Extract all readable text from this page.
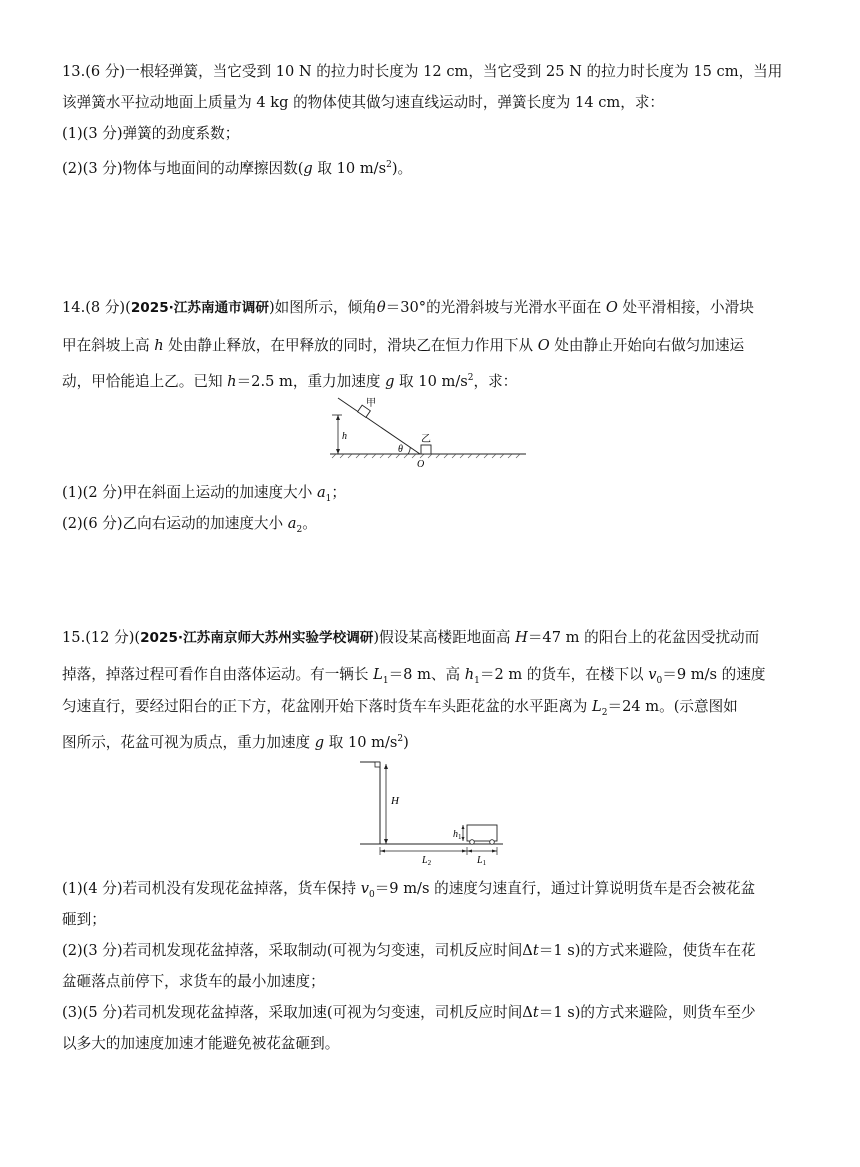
13.(6 分)一根轻弹簧，当它受到 10 N 的拉力时长度为 12 cm，当它受到 25 N 的拉力时长度为 15 cm，当用
该弹簧水平拉动地面上质量为 4 kg 的物体使其做匀速直线运动时，弹簧长度为 14 cm，求：
(1)(3 分)弹簧的劲度系数；
(2)(3 分)物体与地面间的动摩擦因数(g 取 10 $m/s^2$)。
14.(8 分)(2025·江苏南通市调研)如图所示，倾角θ＝30°的光滑斜坡与光滑水平面在 O 处平滑相接，小滑块
甲在斜坡上高 h 处由静止释放，在甲释放的同时，滑块乙在恒力作用下从 O 处由静止开始向右做匀加速运
动，甲恰能追上乙。已知 h＝2.5 m，重力加速度 g 取 10 $m/s^2$，求：
甲
h
θ
乙
O
(1)(2 分)甲在斜面上运动的加速度大小 $a_1$；
(2)(6 分)乙向右运动的加速度大小 $a_2$。
15.(12 分)(2025·江苏南京师大苏州实验学校调研)假设某高楼距地面高 H＝47 m 的阳台上的花盆因受扰动而
掉落，掉落过程可看作自由落体运动。有一辆长 $L_1=8$ m、高 $h_1=2$ m 的货车，在楼下以 $v_0=9$ m/s 的速度
匀速直行，要经过阳台的正下方，花盆刚开始下落时货车车头距花盆的水平距离为 $L_2=24$ m。(示意图如
图所示，花盆可视为质点，重力加速度 g 取 10 $m/s^2$)
H
$h_1$
$L_2$	$L_1$
(1)(4 分)若司机没有发现花盆掉落，货车保持 $v_0=9$ m/s 的速度匀速直行，通过计算说明货车是否会被花盆
砸到；
(2)(3 分)若司机发现花盆掉落，采取制动(可视为匀变速，司机反应时间Δt＝1 s)的方式来避险，使货车在花
盆砸落点前停下，求货车的最小加速度；
(3)(5 分)若司机发现花盆掉落，采取加速(可视为匀变速，司机反应时间Δt＝1 s)的方式来避险，则货车至少
以多大的加速度加速才能避免被花盆砸到。
